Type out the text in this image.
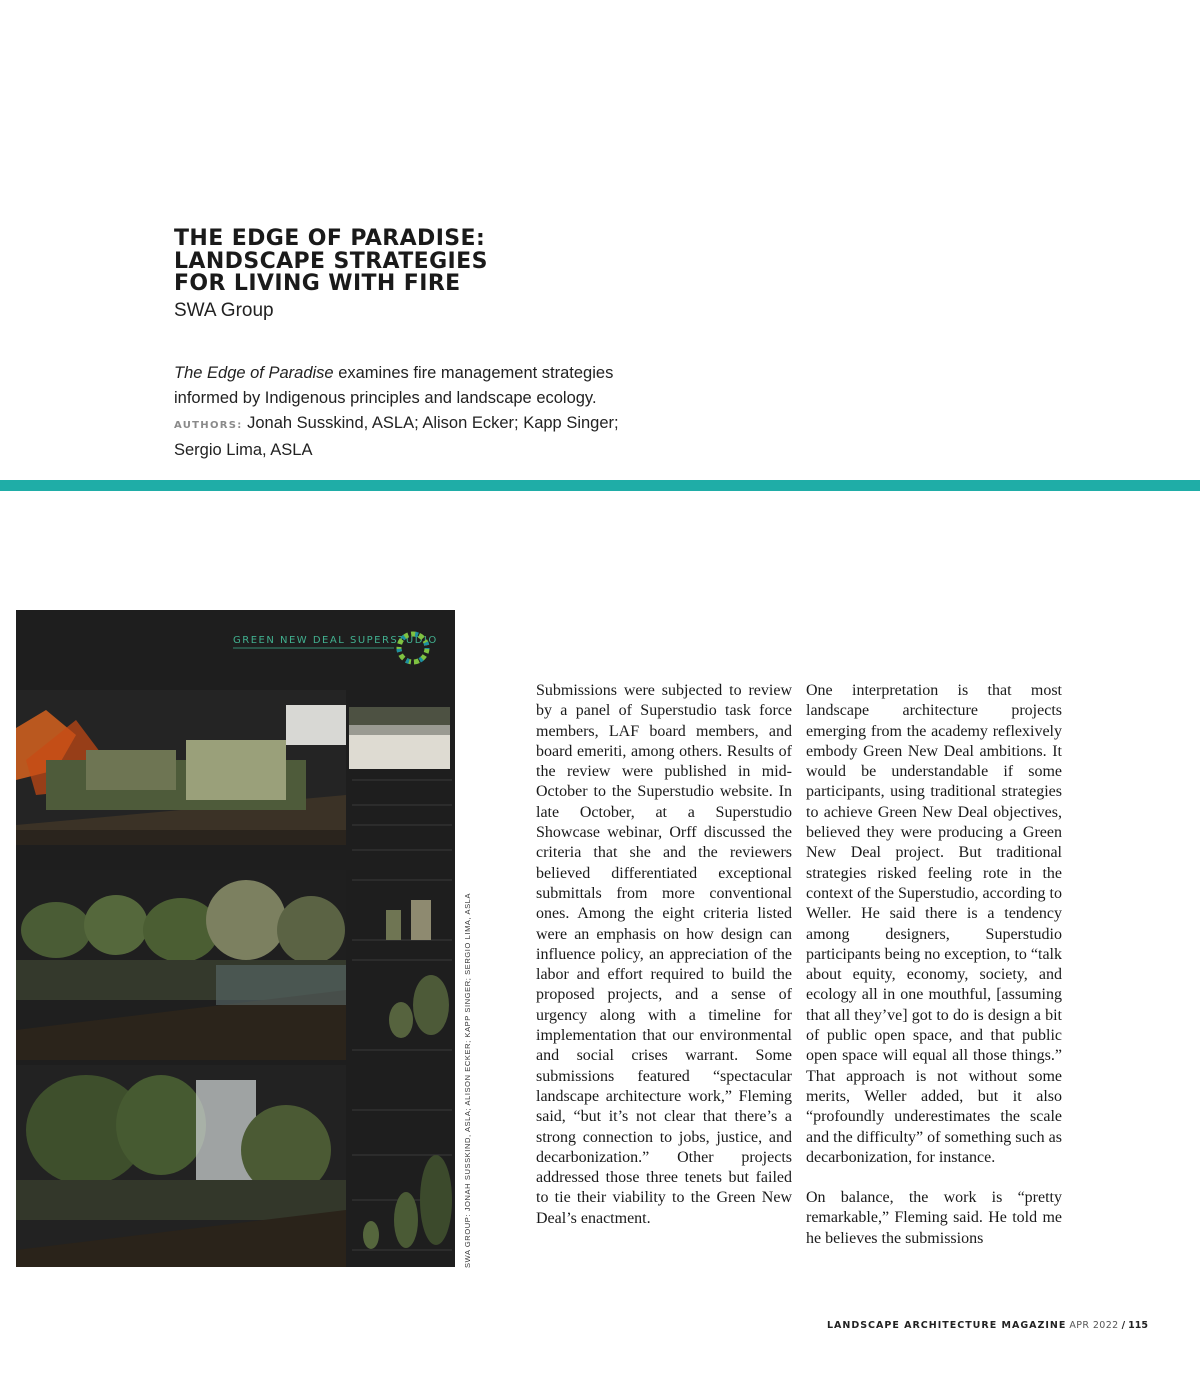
THE EDGE OF PARADISE:
LANDSCAPE STRATEGIES
FOR LIVING WITH FIRE
SWA Group

The Edge of Paradise examines fire management strategies informed by Indigenous principles and landscape ecology.

AUTHORS: Jonah Susskind, ASLA; Alison Ecker; Kapp Singer; Sergio Lima, ASLA

GREEN NEW DEAL SUPERSTUDIO
SWA GROUP: JONAH SUSSKIND, ASLA; ALISON ECKER; KAPP SINGER; SERGIO LIMA, ASLA

Submissions were subjected to review by a panel of Superstudio task force members, LAF board members, and board emeriti, among others. Results of the review were published in mid-October to the Superstudio website. In late October, at a Superstudio Showcase webinar, Orff discussed the criteria that she and the reviewers believed differentiated exceptional submittals from more conventional ones. Among the eight criteria listed were an emphasis on how design can influence policy, an appreciation of the labor and effort required to build the proposed projects, and a sense of urgency along with a timeline for implementation that our environmental and social crises warrant. Some submissions featured “spectacular landscape architecture work,” Fleming said, “but it’s not clear that there’s a strong connection to jobs, justice, and decarbonization.” Other projects addressed those three tenets but failed to tie their viability to the Green New Deal’s enactment.

One interpretation is that most landscape architecture projects emerging from the academy reflexively embody Green New Deal ambitions. It would be understandable if some participants, using traditional strategies to achieve Green New Deal objectives, believed they were producing a Green New Deal project. But traditional strategies risked feeling rote in the context of the Superstudio, according to Weller. He said there is a tendency among designers, Superstudio participants being no exception, to “talk about equity, economy, society, and ecology all in one mouthful, [assuming that all they’ve] got to do is design a bit of public open space, and that public open space will equal all those things.” That approach is not without some merits, Weller added, but it also “profoundly underestimates the scale and the difficulty” of something such as decarbonization, for instance.

On balance, the work is “pretty remarkable,” Fleming said. He told me he believes the submissions

LANDSCAPE ARCHITECTURE MAGAZINE APR 2022 / 115
